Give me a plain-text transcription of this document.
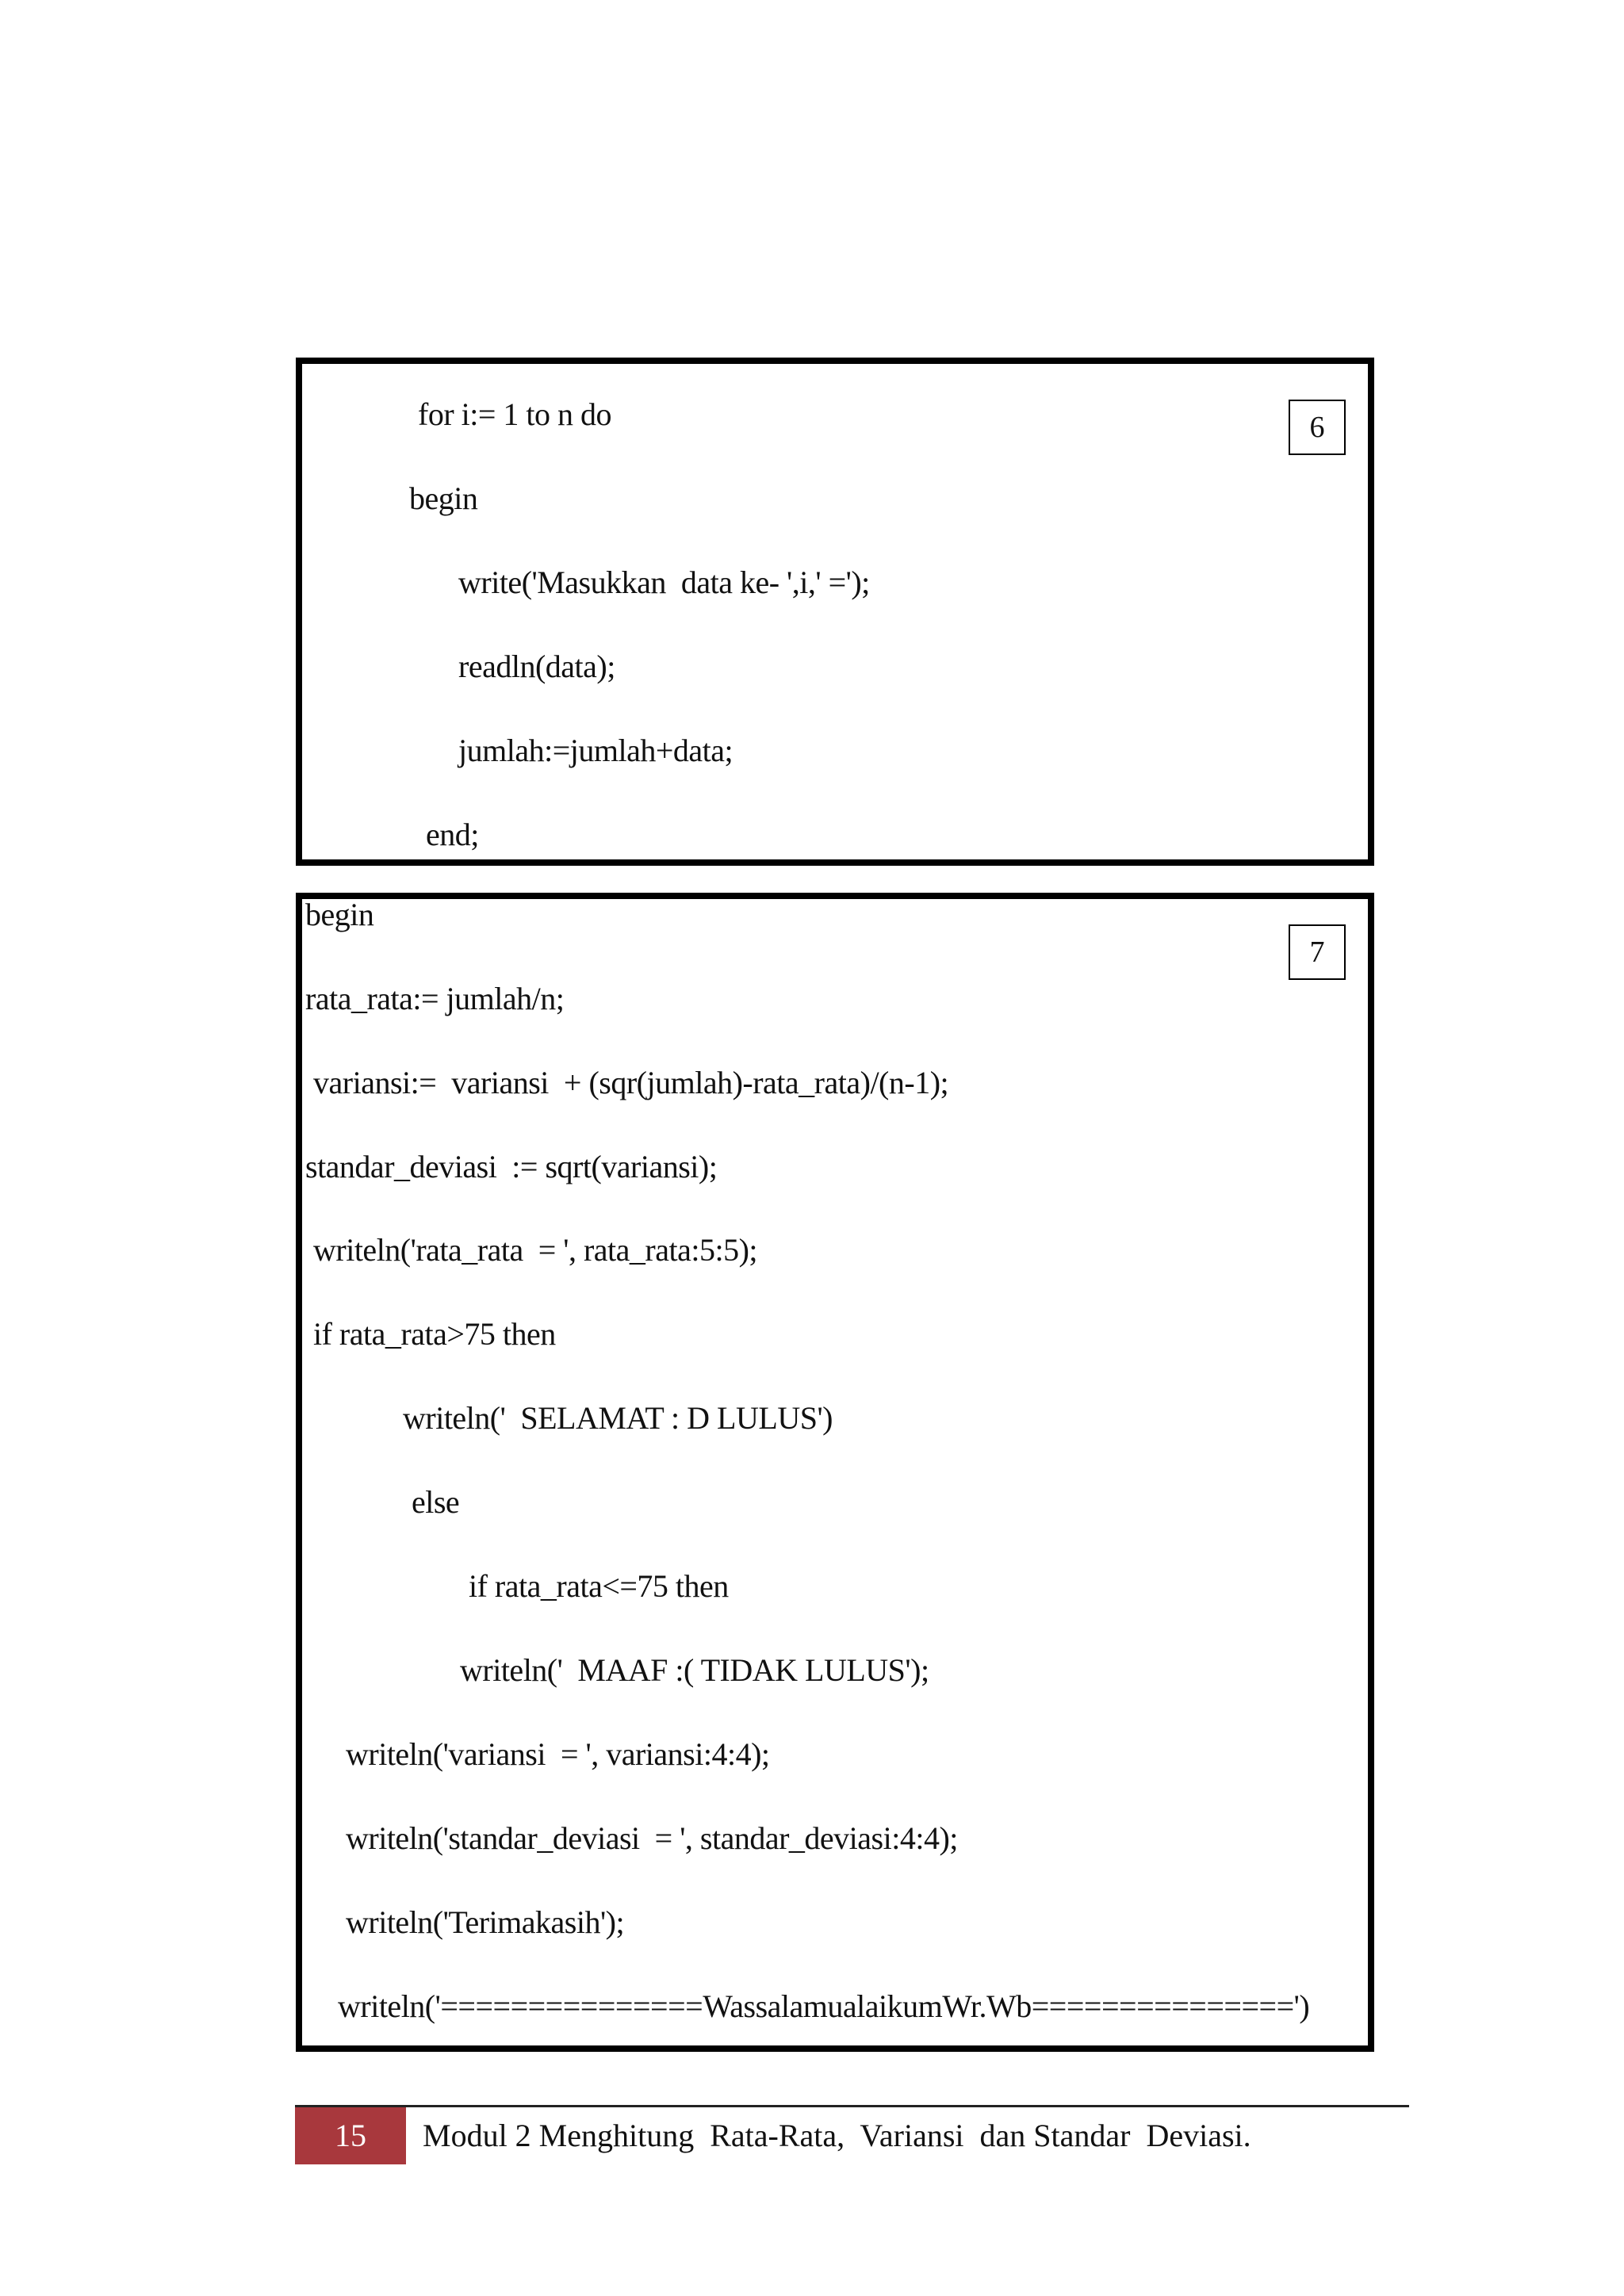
6
for i:= 1 to n do
begin
write('Masukkan  data ke- ',i,' =');
readln(data);
jumlah:=jumlah+data;
end;
7
begin
rata_rata:= jumlah/n;
variansi:=  variansi  + (sqr(jumlah)-rata_rata)/(n-1);
standar_deviasi  := sqrt(variansi);
writeln('rata_rata  = ', rata_rata:5:5);
if rata_rata>75 then
writeln('  SELAMAT : D LULUS')
else
if rata_rata<=75 then
writeln('  MAAF :( TIDAK LULUS');
writeln('variansi  = ', variansi:4:4);
writeln('standar_deviasi  = ', standar_deviasi:4:4);
writeln('Terimakasih');
writeln('===============WassalamualaikumWr.Wb===============')
15	Modul 2 Menghitung  Rata-Rata,  Variansi  dan Standar  Deviasi.
